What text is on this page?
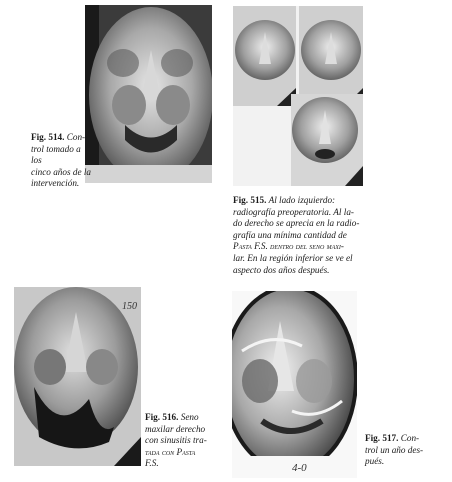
Fig. 514. Con-
trol tomado a los
cinco años de la
intervención.
Fig. 515. Al lado izquierdo:
radiografía preoperatoria. Al la-
do derecho se aprecia en la radio-
grafía una mínima cantidad de
Pasta F.S. dentro del seno maxi-
lar. En la región inferior se ve el
aspecto dos años después.
150
Fig. 516. Seno
maxilar derecho
con sinusitis tra-
tada con Pasta
F.S.	4-0
Fig. 517. Con-
trol un año des-
pués.
